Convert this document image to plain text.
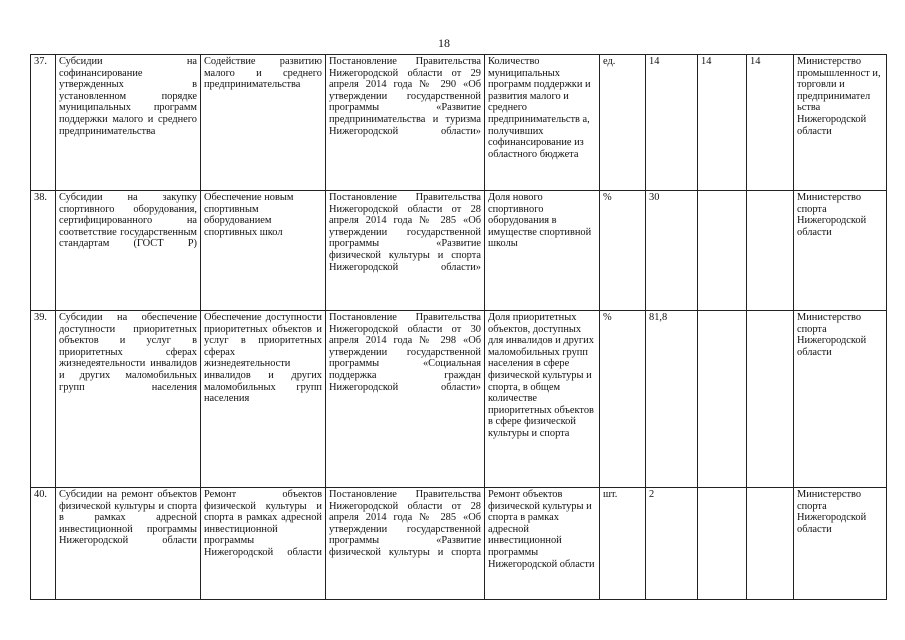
18
37.	Субсидии на софинансирование утвержденных в установленном порядке муниципальных программ поддержки малого и среднего предпринимательства	Содействие развитию малого и среднего предпринимательства	Постановление Правительства Нижегородской области от 29 апреля 2014 года № 290 «Об утверждении государственной программы «Развитие предпринимательства и туризма Нижегородской области»	Количество муниципальных программ поддержки и развития малого и среднего предпринимательств а, получивших софинансирование из областного бюджета	ед.	14	14	14	Министерство промышленност и, торговли и предпринимател ьства Нижегородской области
38.	Субсидии на закупку спортивного оборудования, сертифицированного на соответствие государственным стандартам (ГОСТ Р)	Обеспечение новым спортивным оборудованием спортивных школ	Постановление Правительства Нижегородской области от 28 апреля 2014 года № 285 «Об утверждении государственной программы «Развитие физической культуры и спорта Нижегородской области»	Доля нового спортивного оборудования в имуществе спортивной школы	%	30			Министерство спорта Нижегородской области
39.	Субсидии на обеспечение доступности приоритетных объектов и услуг в приоритетных сферах жизнедеятельности инвалидов и других маломобильных групп населения	Обеспечение доступности приоритетных объектов и услуг в приоритетных сферах жизнедеятельности инвалидов и других маломобильных групп населения	Постановление Правительства Нижегородской области от 30 апреля 2014 года № 298 «Об утверждении государственной программы «Социальная поддержка граждан Нижегородской области»	Доля приоритетных объектов, доступных для инвалидов и других маломобильных групп населения в сфере физической культуры и спорта, в общем количестве приоритетных объектов в сфере физической культуры и спорта	%	81,8			Министерство спорта Нижегородской области
40.	Субсидии на ремонт объектов физической культуры и спорта в рамках адресной инвестиционной программы Нижегородской области	Ремонт объектов физической культуры и спорта в рамках адресной инвестиционной программы Нижегородской области	Постановление Правительства Нижегородской области от 28 апреля 2014 года № 285 «Об утверждении государственной программы «Развитие физической культуры и спорта	Ремонт объектов физической культуры и спорта в рамках адресной инвестиционной программы Нижегородской области	шт.	2			Министерство спорта Нижегородской области
